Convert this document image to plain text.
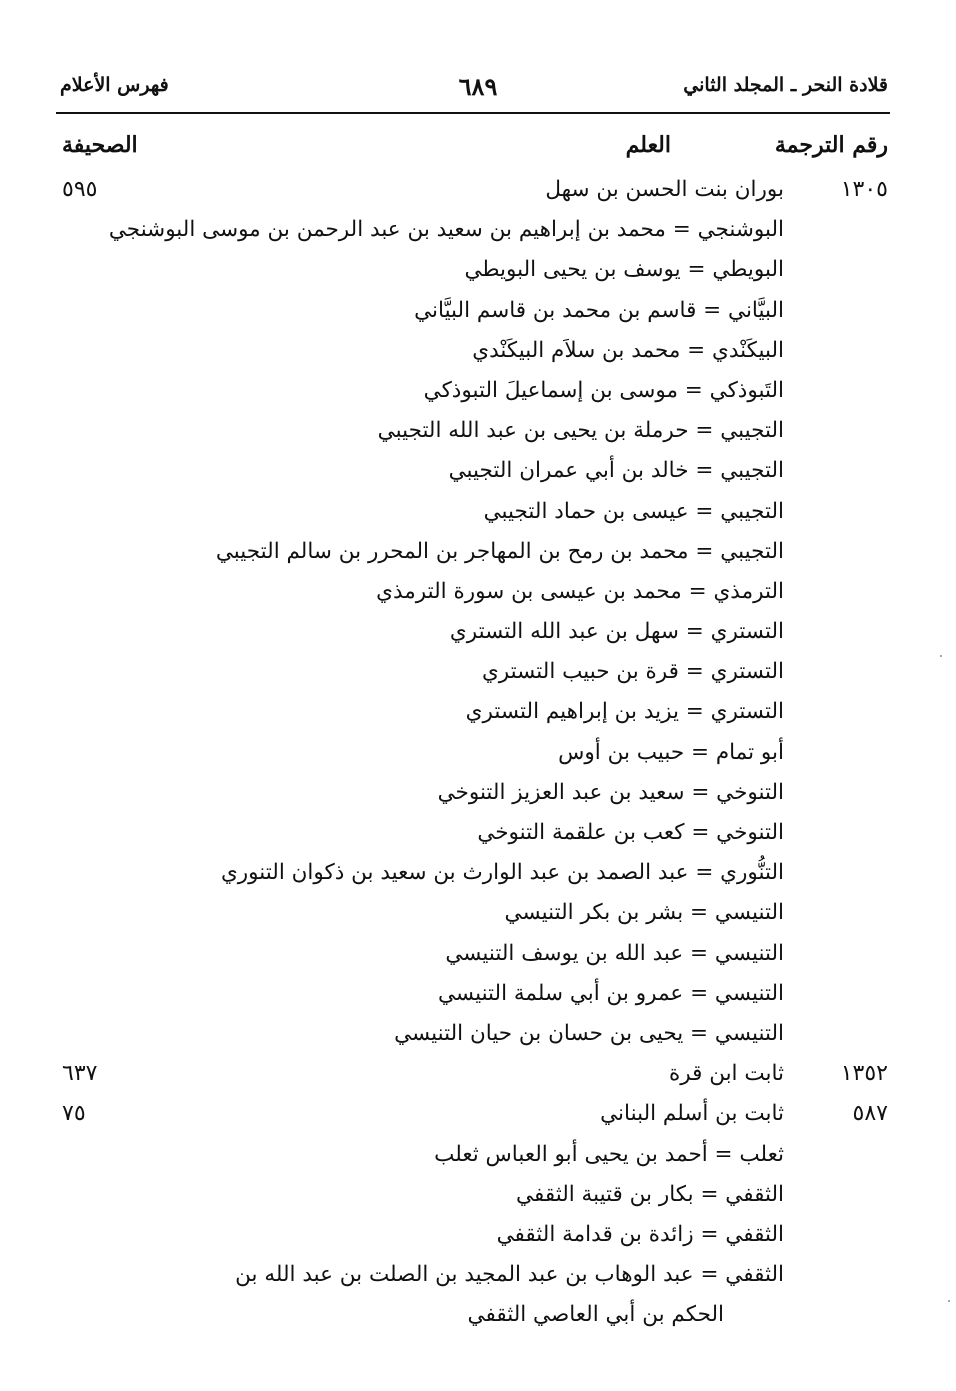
قلادة النحر ـ المجلد الثاني
٦٨٩
فهرس الأعلام
رقم الترجمة
العلم
الصحيفة
١٣٠٥
بوران بنت الحسن بن سهل
٥٩٥
البوشنجي = محمد بن إبراهيم بن سعيد بن عبد الرحمن بن موسى البوشنجي
البويطي = يوسف بن يحيى البويطي
البيَّاني = قاسم بن محمد بن قاسم البيَّاني
البيكَنْدي = محمد بن سلاَم البيكَنْدي
التَبوذكي = موسى بن إسماعيلَ التبوذكي
التجيبي = حرملة بن يحيى بن عبد الله التجيبي
التجيبي = خالد بن أبي عمران التجيبي
التجيبي = عيسى بن حماد التجيبي
التجيبي = محمد بن رمح بن المهاجر بن المحرر بن سالم التجيبي
الترمذي = محمد بن عيسى بن سورة الترمذي
التستري = سهل بن عبد الله التستري
التستري = قرة بن حبيب التستري
التستري = يزيد بن إبراهيم التستري
أبو تمام = حبيب بن أوس
التنوخي = سعيد بن عبد العزيز التنوخي
التنوخي = كعب بن علقمة التنوخي
التنُّوري = عبد الصمد بن عبد الوارث بن سعيد بن ذكوان التنوري
التنيسي = بشر بن بكر التنيسي
التنيسي = عبد الله بن يوسف التنيسي
التنيسي = عمرو بن أبي سلمة التنيسي
التنيسي = يحيى بن حسان بن حيان التنيسي
١٣٥٢
ثابت ابن قرة
٦٣٧
٥٨٧
ثابت بن أسلم البناني
٧٥
ثعلب = أحمد بن يحيى أبو العباس ثعلب
الثقفي = بكار بن قتيبة الثقفي
الثقفي = زائدة بن قدامة الثقفي
الثقفي = عبد الوهاب بن عبد المجيد بن الصلت بن عبد الله بن
الحكم بن أبي العاصي الثقفي
